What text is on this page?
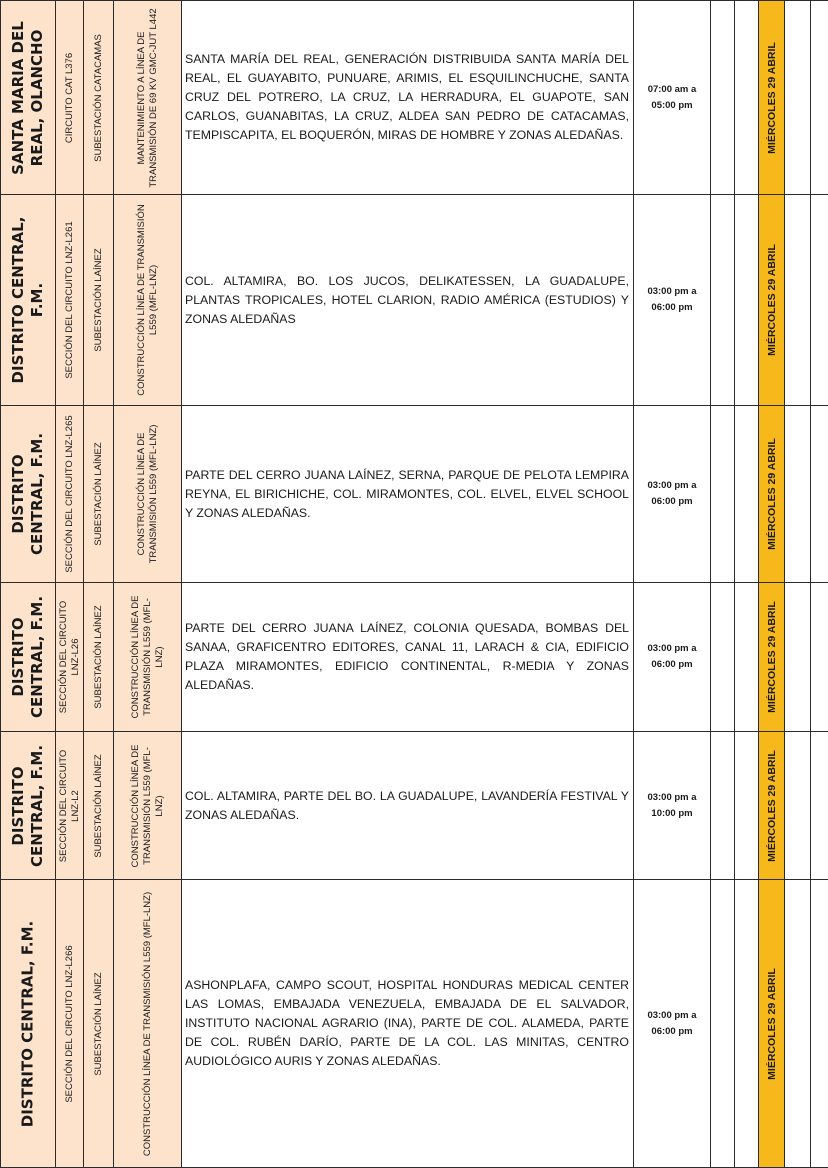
SANTA MARIA DEL REAL, OLANCHO	CIRCUITO CAT L376	SUBESTACIÓN CATACAMAS	MANTENIMIENTO A LÍNEA DE TRANSMISIÓN DE 69 KV GMC-JUT L442	SANTA MARÍA DEL REAL, GENERACIÓN DISTRIBUIDA SANTA MARÍA DEL REAL, EL GUAYABITO, PUNUARE, ARIMIS, EL ESQUILINCHUCHE, SANTA CRUZ DEL POTRERO, LA CRUZ, LA HERRADURA, EL GUAPOTE, SAN CARLOS, GUANABITAS, LA CRUZ, ALDEA SAN PEDRO DE CATACAMAS, TEMPISCAPITA, EL BOQUERÓN, MIRAS DE HOMBRE Y ZONAS ALEDAÑAS.	07:00 am a
05:00 pm			MIÉRCOLES 29 ABRIL			

DISTRITO CENTRAL, F.M.	SECCIÓN DEL CIRCUITO LNZ-L261	SUBESTACIÓN LAÍNEZ	CONSTRUCCIÓN LÍNEA DE TRANSMISIÓN L559 (MFL-LNZ)	COL. ALTAMIRA, BO. LOS JUCOS, DELIKATESSEN, LA GUADALUPE, PLANTAS TROPICALES, HOTEL CLARION, RADIO AMÉRICA (ESTUDIOS) Y ZONAS ALEDAÑAS	03:00 pm a
06:00 pm			MIÉRCOLES 29 ABRIL			

DISTRITO CENTRAL, F.M.	SECCIÓN DEL CIRCUITO LNZ-L265	SUBESTACIÓN LAÍNEZ	CONSTRUCCIÓN LÍNEA DE TRANSMISIÓN L559 (MFL-LNZ)	PARTE DEL CERRO JUANA LAÍNEZ, SERNA, PARQUE DE PELOTA LEMPIRA REYNA, EL BIRICHICHE, COL. MIRAMONTES, COL. ELVEL, ELVEL SCHOOL Y ZONAS ALEDAÑAS.	03:00 pm a
06:00 pm			MIÉRCOLES 29 ABRIL			

DISTRITO CENTRAL, F.M.	SECCIÓN DEL CIRCUITO LNZ-L26	SUBESTACIÓN LAÍNEZ	CONSTRUCCIÓN LÍNEA DE TRANSMISIÓN L559 (MFL-LNZ)	PARTE DEL CERRO JUANA LAÍNEZ, COLONIA QUESADA, BOMBAS DEL SANAA, GRAFICENTRO EDITORES, CANAL 11, LARACH & CIA, EDIFICIO PLAZA MIRAMONTES, EDIFICIO CONTINENTAL, R-MEDIA Y ZONAS ALEDAÑAS.	03:00 pm a
06:00 pm			MIÉRCOLES 29 ABRIL			

DISTRITO CENTRAL, F.M.	SECCIÓN DEL CIRCUITO LNZ-L2	SUBESTACIÓN LAÍNEZ	CONSTRUCCIÓN LÍNEA DE TRANSMISIÓN L559 (MFL-LNZ)	COL. ALTAMIRA, PARTE DEL BO. LA GUADALUPE, LAVANDERÍA FESTIVAL Y ZONAS ALEDAÑAS.	03:00 pm a
10:00 pm			MIÉRCOLES 29 ABRIL			

DISTRITO CENTRAL, F.M.	SECCIÓN DEL CIRCUITO LNZ-L266	SUBESTACIÓN LAÍNEZ	CONSTRUCCIÓN LÍNEA DE TRANSMISIÓN L559 (MFL-LNZ)	ASHONPLAFA, CAMPO SCOUT, HOSPITAL HONDURAS MEDICAL CENTER LAS LOMAS, EMBAJADA VENEZUELA, EMBAJADA DE EL SALVADOR, INSTITUTO NACIONAL AGRARIO (INA), PARTE DE COL. ALAMEDA, PARTE DE COL. RUBÉN DARÍO, PARTE DE LA COL. LAS MINITAS, CENTRO AUDIOLÓGICO AURIS Y ZONAS ALEDAÑAS.	03:00 pm a
06:00 pm			MIÉRCOLES 29 ABRIL			
